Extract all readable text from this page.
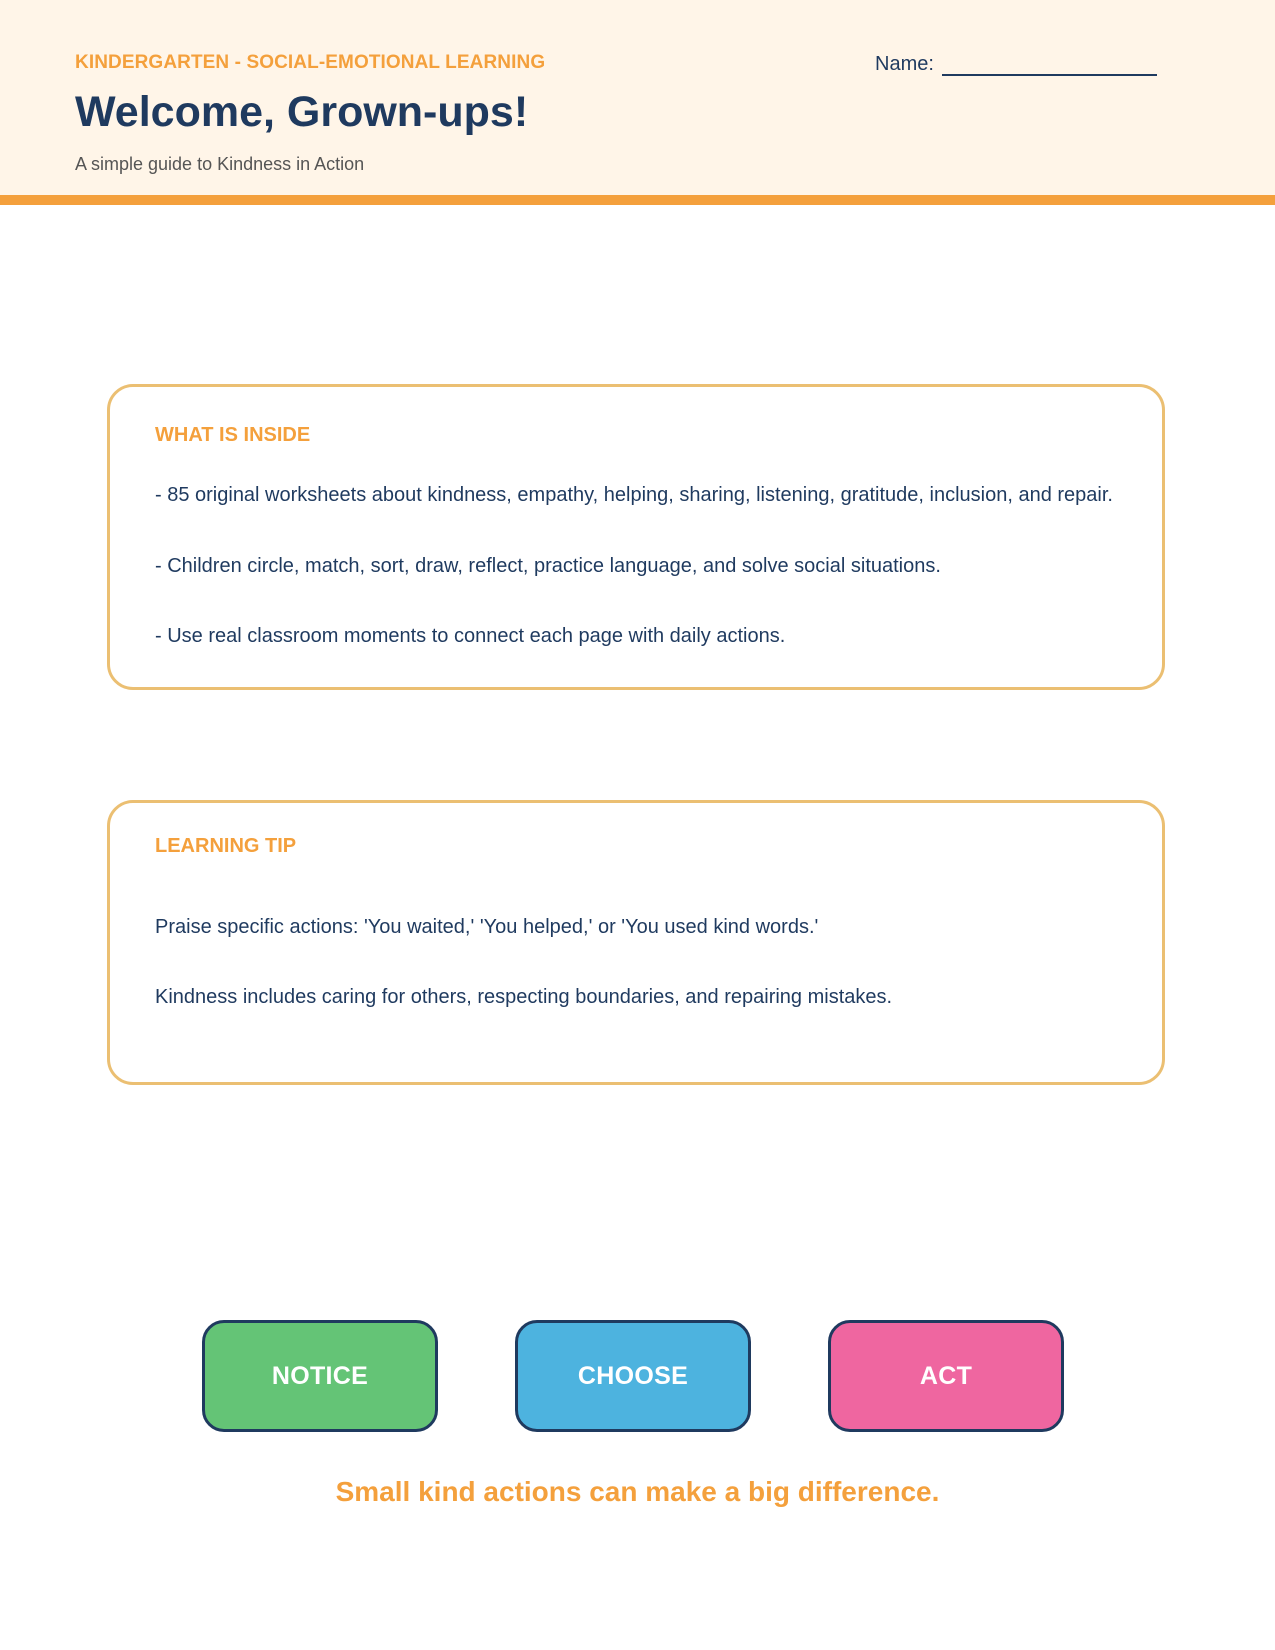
KINDERGARTEN - SOCIAL-EMOTIONAL LEARNING
Welcome, Grown-ups!
A simple guide to Kindness in Action
Name:
WHAT IS INSIDE
- 85 original worksheets about kindness, empathy, helping, sharing, listening, gratitude, inclusion, and repair.
- Children circle, match, sort, draw, reflect, practice language, and solve social situations.
- Use real classroom moments to connect each page with daily actions.
LEARNING TIP
Praise specific actions: 'You waited,' 'You helped,' or 'You used kind words.'
Kindness includes caring for others, respecting boundaries, and repairing mistakes.
NOTICE	CHOOSE	ACT
Small kind actions can make a big difference.
